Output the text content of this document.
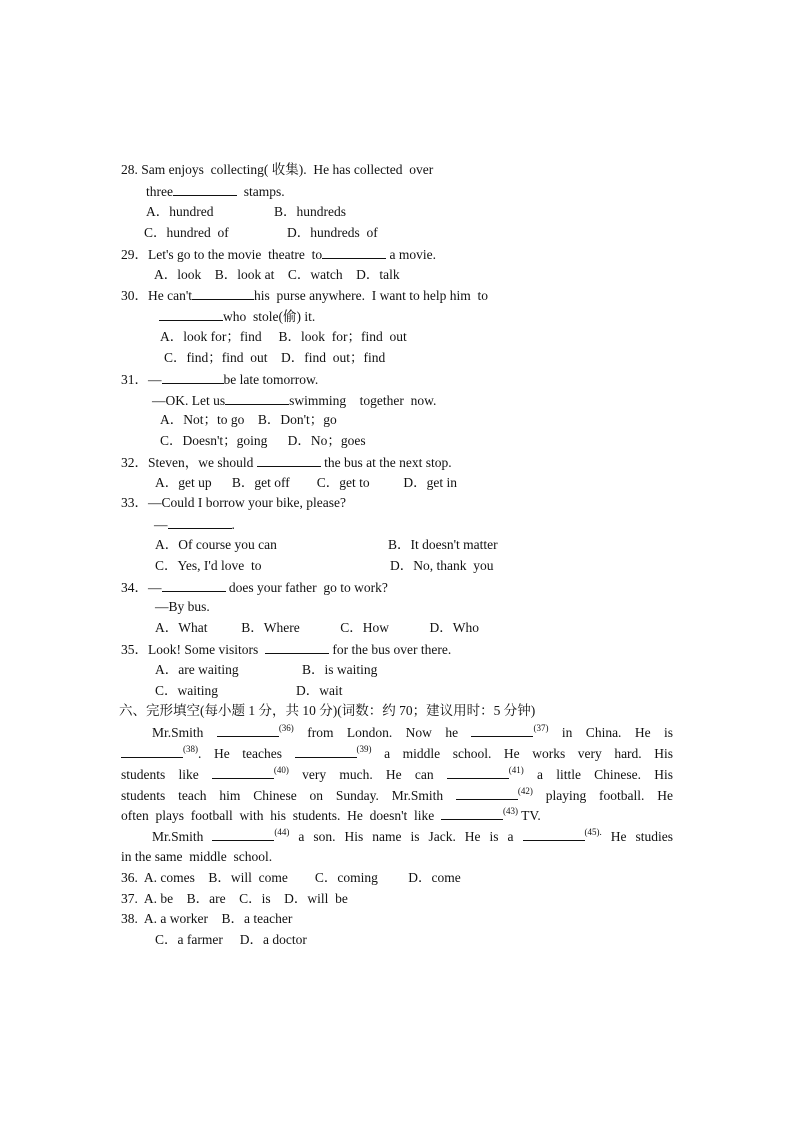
28. Sam enjoys  collecting( 收集).  He has collected  over
three	stamps.
A．hundred	B．hundreds
C．hundred  of	D．hundreds  of
29．Let's go to the movie  theatre  to	a movie.
A．look    B．look at    C．watch    D．talk
30．He can't	his  purse anywhere.  I want to help him  to
who  stole(偷) it.
A．look for；find     B．look  for；find  out
C．find；find  out    D．find  out；find
31．—	be late tomorrow.
—OK. Let us	swimming    together  now.
A．Not；to go    B．Don't；go
C．Doesn't；going      D．No；goes
32．Steven，we should	the bus at the next stop.
A．get up      B．get off        C．get to          D．get in
33．—Could I borrow your bike, please?
—	.
A．Of course you can	B．It doesn't matter
C．Yes, I'd love  to	D．No, thank  you
34．—	does your father  go to work?
—By bus.
A．What          B．Where            C．How            D．Who
35．Look! Some visitors	for the bus over there.
A．are waiting	B．is waiting
C．waiting	D．wait
六、完形填空(每小题 1 分，共 10 分)(词数：约 70；建议用时：5 分钟)
Mr.Smith	$^{(36)}$ from London. Now he	$^{(37)}$ in China. He is
$^{(38)}$. He teaches	$^{(39)}$ a middle school. He works very hard. His
students like	$^{(40)}$ very much. He can	$^{(41)}$ a little Chinese. His
students teach him Chinese on Sunday. Mr.Smith	$^{(42)}$ playing football. He
often  plays  football  with  his  students.  He  doesn't  like	$^{(43)}$ TV.
Mr.Smith	$^{(44)}$ a son. His name is Jack. He is a	$^{(45).}$ He studies
in the same  middle  school.
36.  A. comes    B．will  come        C．coming         D．come
37.  A. be    B．are    C．is    D．will  be
38.  A. a worker    B．a teacher
C．a farmer     D．a doctor
